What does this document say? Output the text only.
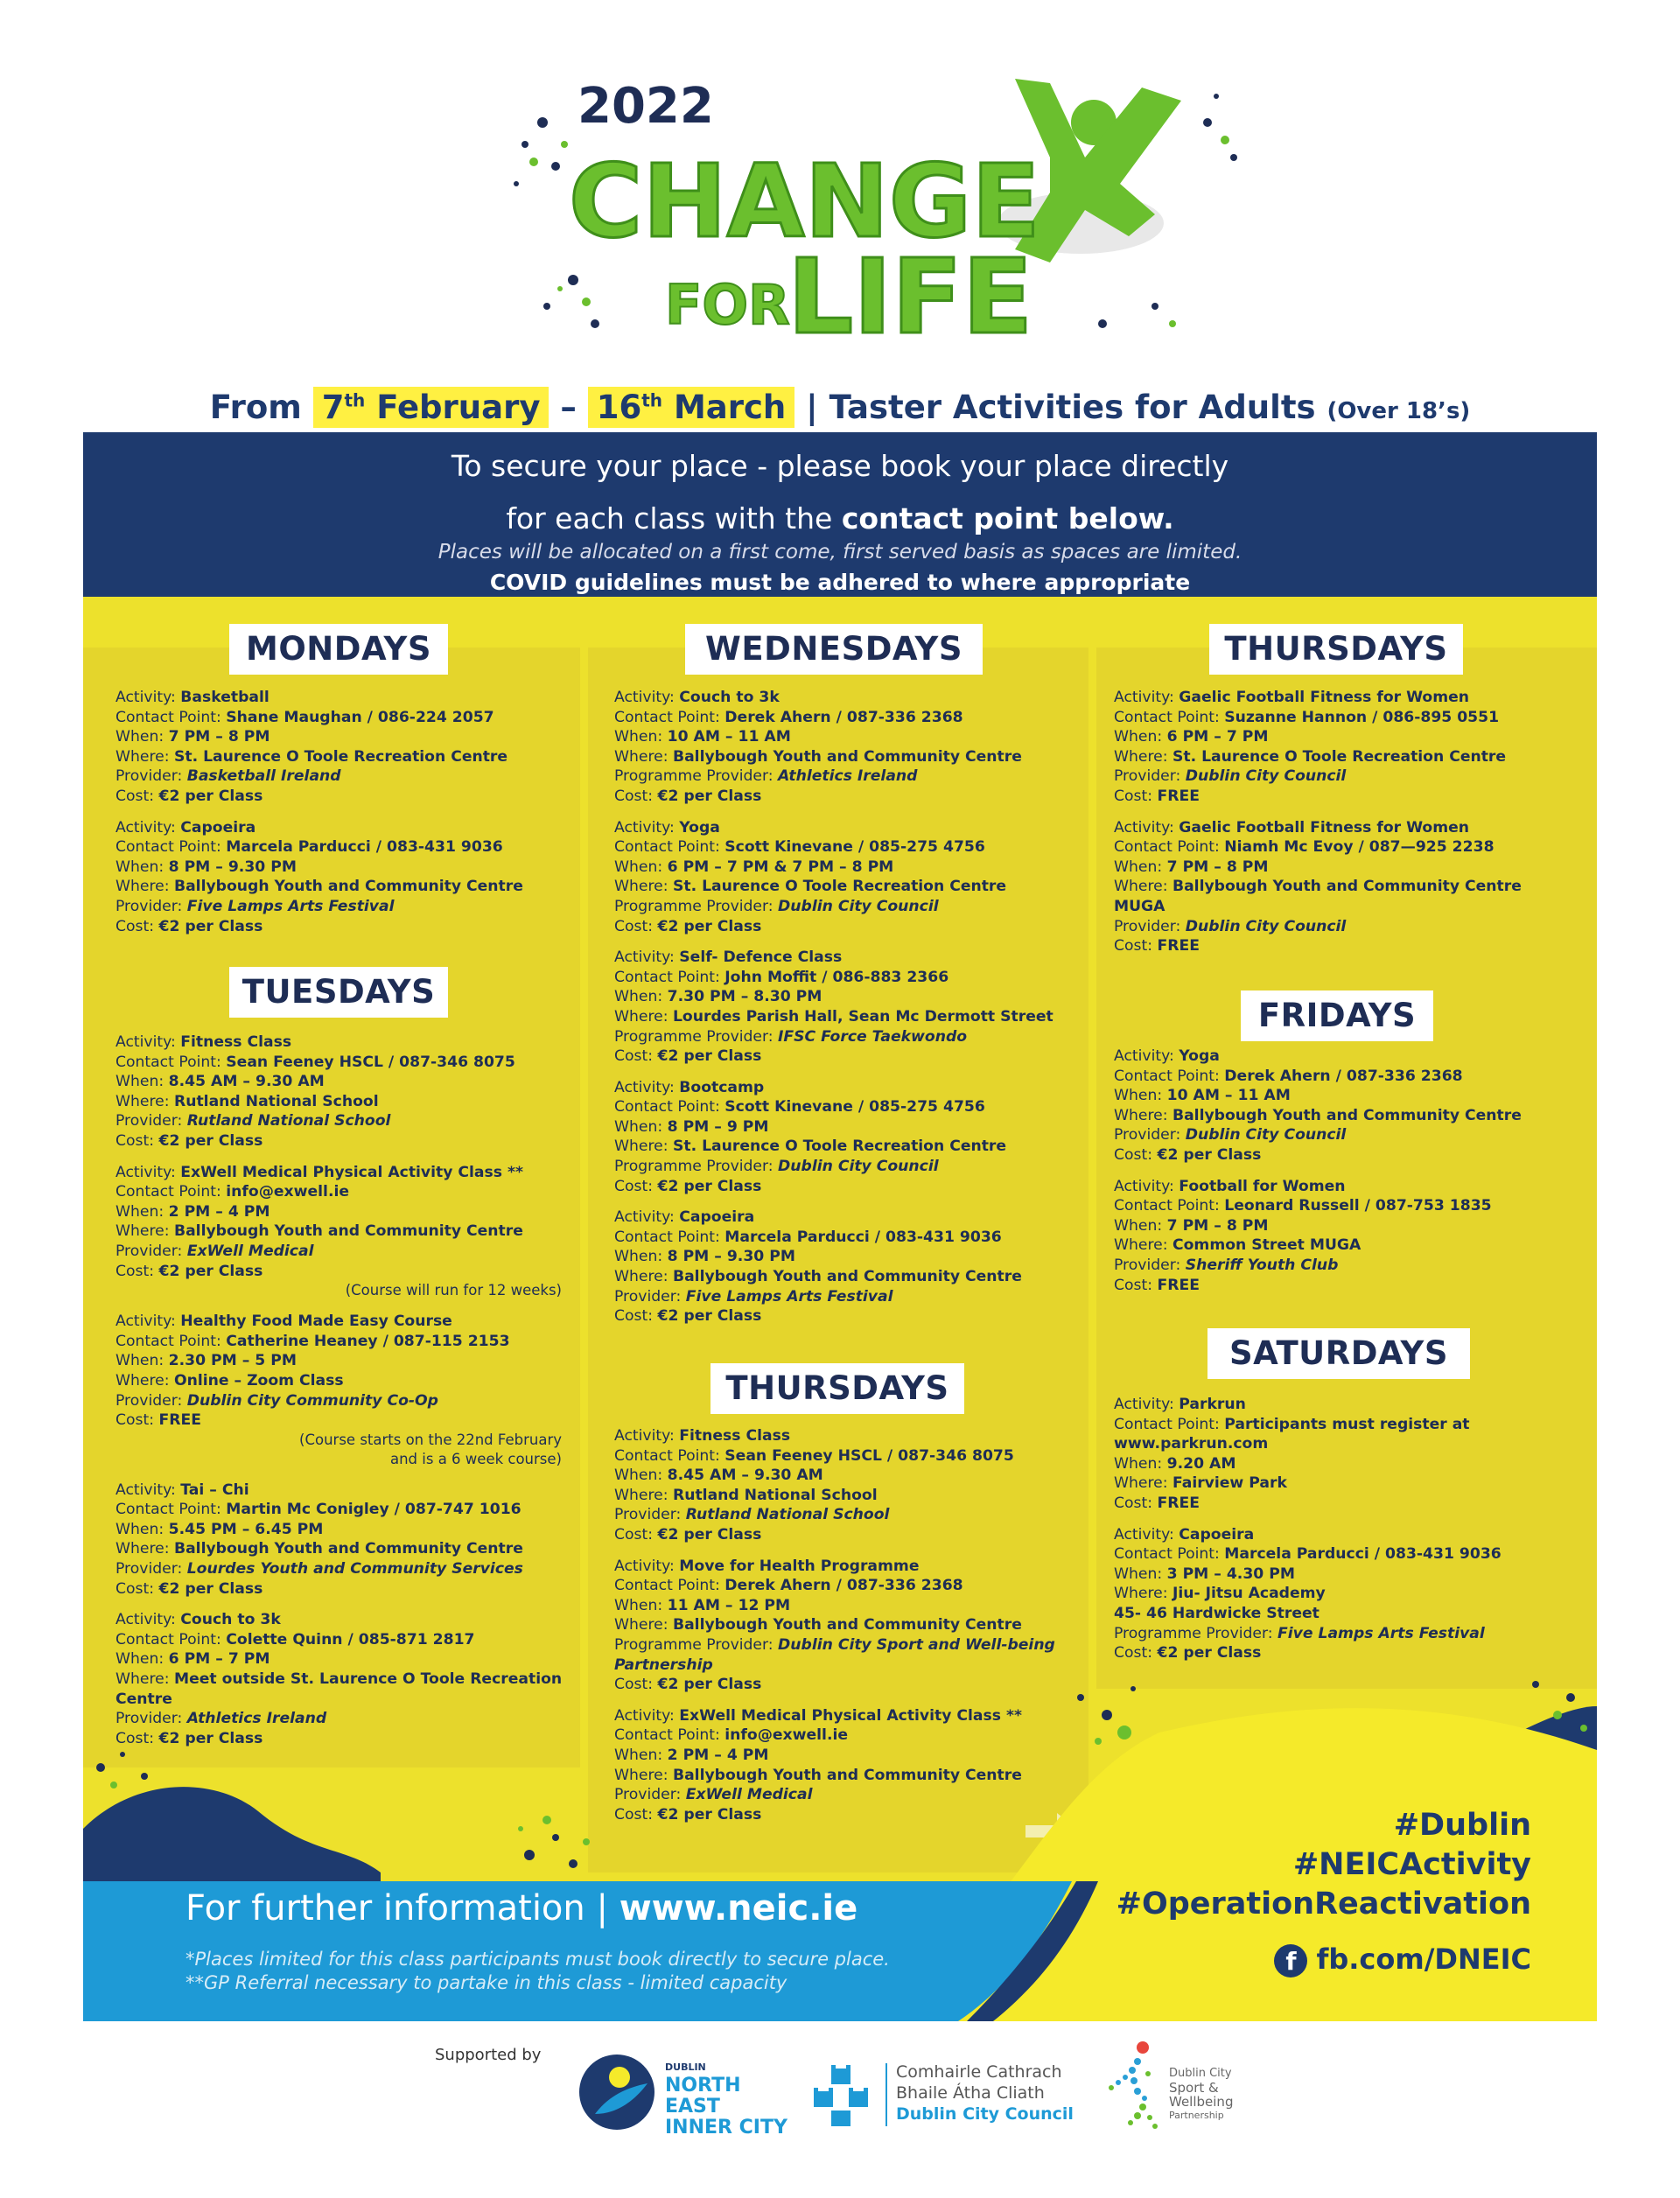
2022
CHANGE
FOR
LIFE
From 7th February – 16th March | Taster Activities for Adults (Over 18’s)
To secure your place - please book your place directly
for each class with the contact point below.
Places will be allocated on a first come, first served basis as spaces are limited.
COVID guidelines must be adhered to where appropriate
MONDAYS
TUESDAYS
WEDNESDAYS
THURSDAYS
THURSDAYS
FRIDAYS
SATURDAYS
Activity: Basketball
Contact Point: Shane Maughan / 086-224 2057
When: 7 PM – 8 PM
Where: St. Laurence O Toole Recreation Centre
Provider: Basketball Ireland
Cost: €2 per Class
Activity: Capoeira
Contact Point: Marcela Parducci / 083-431 9036
When: 8 PM – 9.30 PM
Where: Ballybough Youth and Community Centre
Provider: Five Lamps Arts Festival
Cost: €2 per Class
Activity: Fitness Class
Contact Point: Sean Feeney HSCL / 087-346 8075
When: 8.45 AM – 9.30 AM
Where: Rutland National School
Provider: Rutland National School
Cost: €2 per Class
Activity: ExWell Medical Physical Activity Class **
Contact Point: info@exwell.ie
When: 2 PM – 4 PM
Where: Ballybough Youth and Community Centre
Provider: ExWell Medical
Cost: €2 per Class
(Course will run for 12 weeks)
Activity: Healthy Food Made Easy Course
Contact Point: Catherine Heaney / 087-115 2153
When: 2.30 PM – 5 PM
Where: Online – Zoom Class
Provider: Dublin City Community Co-Op
Cost: FREE
(Course starts on the 22nd February
and is a 6 week course)
Activity: Tai – Chi
Contact Point: Martin Mc Conigley / 087-747 1016
When: 5.45 PM – 6.45 PM
Where: Ballybough Youth and Community Centre
Provider: Lourdes Youth and Community Services
Cost: €2 per Class
Activity: Couch to 3k
Contact Point: Colette Quinn / 085-871 2817
When: 6 PM – 7 PM
Where: Meet outside St. Laurence O Toole Recreation Centre
Provider: Athletics Ireland
Cost: €2 per Class
Activity: Couch to 3k
Contact Point: Derek Ahern / 087-336 2368
When: 10 AM – 11 AM
Where: Ballybough Youth and Community Centre
Programme Provider: Athletics Ireland
Cost: €2 per Class
Activity: Yoga
Contact Point: Scott Kinevane / 085-275 4756
When: 6 PM – 7 PM & 7 PM – 8 PM
Where: St. Laurence O Toole Recreation Centre
Programme Provider: Dublin City Council
Cost: €2 per Class
Activity: Self- Defence Class
Contact Point: John Moffit / 086-883 2366
When: 7.30 PM – 8.30 PM
Where: Lourdes Parish Hall, Sean Mc Dermott Street
Programme Provider: IFSC Force Taekwondo
Cost: €2 per Class
Activity: Bootcamp
Contact Point: Scott Kinevane / 085-275 4756
When: 8 PM – 9 PM
Where: St. Laurence O Toole Recreation Centre
Programme Provider: Dublin City Council
Cost: €2 per Class
Activity: Capoeira
Contact Point: Marcela Parducci / 083-431 9036
When: 8 PM – 9.30 PM
Where: Ballybough Youth and Community Centre
Provider: Five Lamps Arts Festival
Cost: €2 per Class
Activity: Fitness Class
Contact Point: Sean Feeney HSCL / 087-346 8075
When: 8.45 AM – 9.30 AM
Where: Rutland National School
Provider: Rutland National School
Cost: €2 per Class
Activity: Move for Health Programme
Contact Point: Derek Ahern / 087-336 2368
When: 11 AM – 12 PM
Where: Ballybough Youth and Community Centre
Programme Provider: Dublin City Sport and Well-being Partnership
Cost: €2 per Class
Activity: ExWell Medical Physical Activity Class **
Contact Point: info@exwell.ie
When: 2 PM – 4 PM
Where: Ballybough Youth and Community Centre
Provider: ExWell Medical
Cost: €2 per Class
Activity: Gaelic Football Fitness for Women
Contact Point: Suzanne Hannon / 086-895 0551
When: 6 PM – 7 PM
Where: St. Laurence O Toole Recreation Centre
Provider: Dublin City Council
Cost: FREE
Activity: Gaelic Football Fitness for Women
Contact Point: Niamh Mc Evoy / 087—925 2238
When: 7 PM – 8 PM
Where: Ballybough Youth and Community Centre
MUGA
Provider: Dublin City Council
Cost: FREE
Activity: Yoga
Contact Point: Derek Ahern / 087-336 2368
When: 10 AM – 11 AM
Where: Ballybough Youth and Community Centre
Provider: Dublin City Council
Cost: €2 per Class
Activity: Football for Women
Contact Point: Leonard Russell / 087-753 1835
When: 7 PM – 8 PM
Where: Common Street MUGA
Provider: Sheriff Youth Club
Cost: FREE
Activity: Parkrun
Contact Point: Participants must register at
www.parkrun.com
When: 9.20 AM
Where: Fairview Park
Cost: FREE
Activity: Capoeira
Contact Point: Marcela Parducci / 083-431 9036
When: 3 PM – 4.30 PM
Where: Jiu- Jitsu Academy
45- 46 Hardwicke Street
Programme Provider: Five Lamps Arts Festival
Cost: €2 per Class
For further information | www.neic.ie
*Places limited for this class participants must book directly to secure place.
**GP Referral necessary to partake in this class - limited capacity
#Dublin
#NEICActivity
#OperationReactivation
f fb.com/DNEIC
Supported by
DUBLIN
NORTH EAST
INNER CITY
Comhairle Cathrach
Bhaile Átha Cliath
Dublin City Council
Dublin City
Sport &
Wellbeing
Partnership
